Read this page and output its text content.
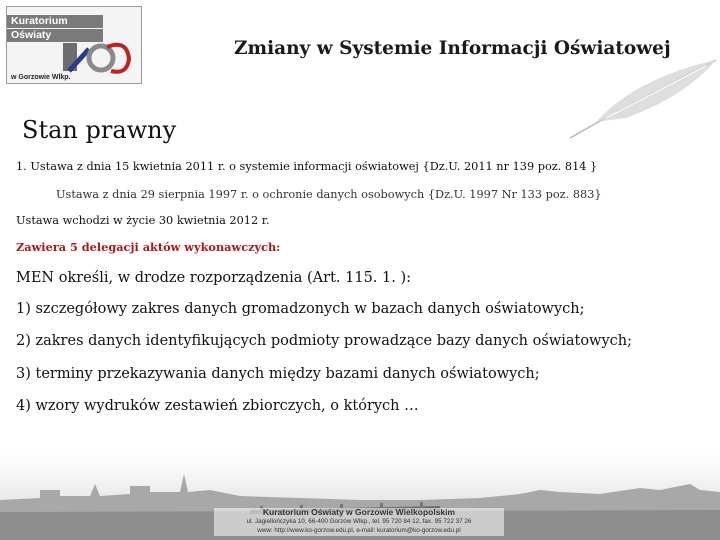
Kuratorium
Oświaty
w Gorzowie Wlkp.
Zmiany w Systemie Informacji Oświatowej
Stan prawny
1. Ustawa z dnia 15 kwietnia 2011 r. o systemie informacji oświatowej {Dz.U. 2011 nr 139 poz. 814 }
Ustawa z dnia 29 sierpnia 1997 r. o ochronie danych osobowych {Dz.U. 1997 Nr 133 poz. 883}
Ustawa wchodzi w życie 30 kwietnia 2012 r.
Zawiera 5 delegacji aktów wykonawczych:
MEN określi, w drodze rozporządzenia (Art. 115. 1. ):
1) szczegółowy zakres danych gromadzonych w bazach danych oświatowych;
2) zakres danych identyfikujących podmioty prowadzące bazy danych oświatowych;
3) terminy przekazywania danych między bazami danych oświatowych;
4) wzory wydruków zestawień zbiorczych, o których …
Kuratorium Oświaty w Gorzowie Wielkopolskim
ul. Jagiellończyka 10, 66-400 Gorzów Wlkp., tel. 95 720 84 12, fax. 95 722 37 26
www: http://www.ko-gorzow.edu.pl, e-mail: kuratorium@ko-gorzow.edu.pl
